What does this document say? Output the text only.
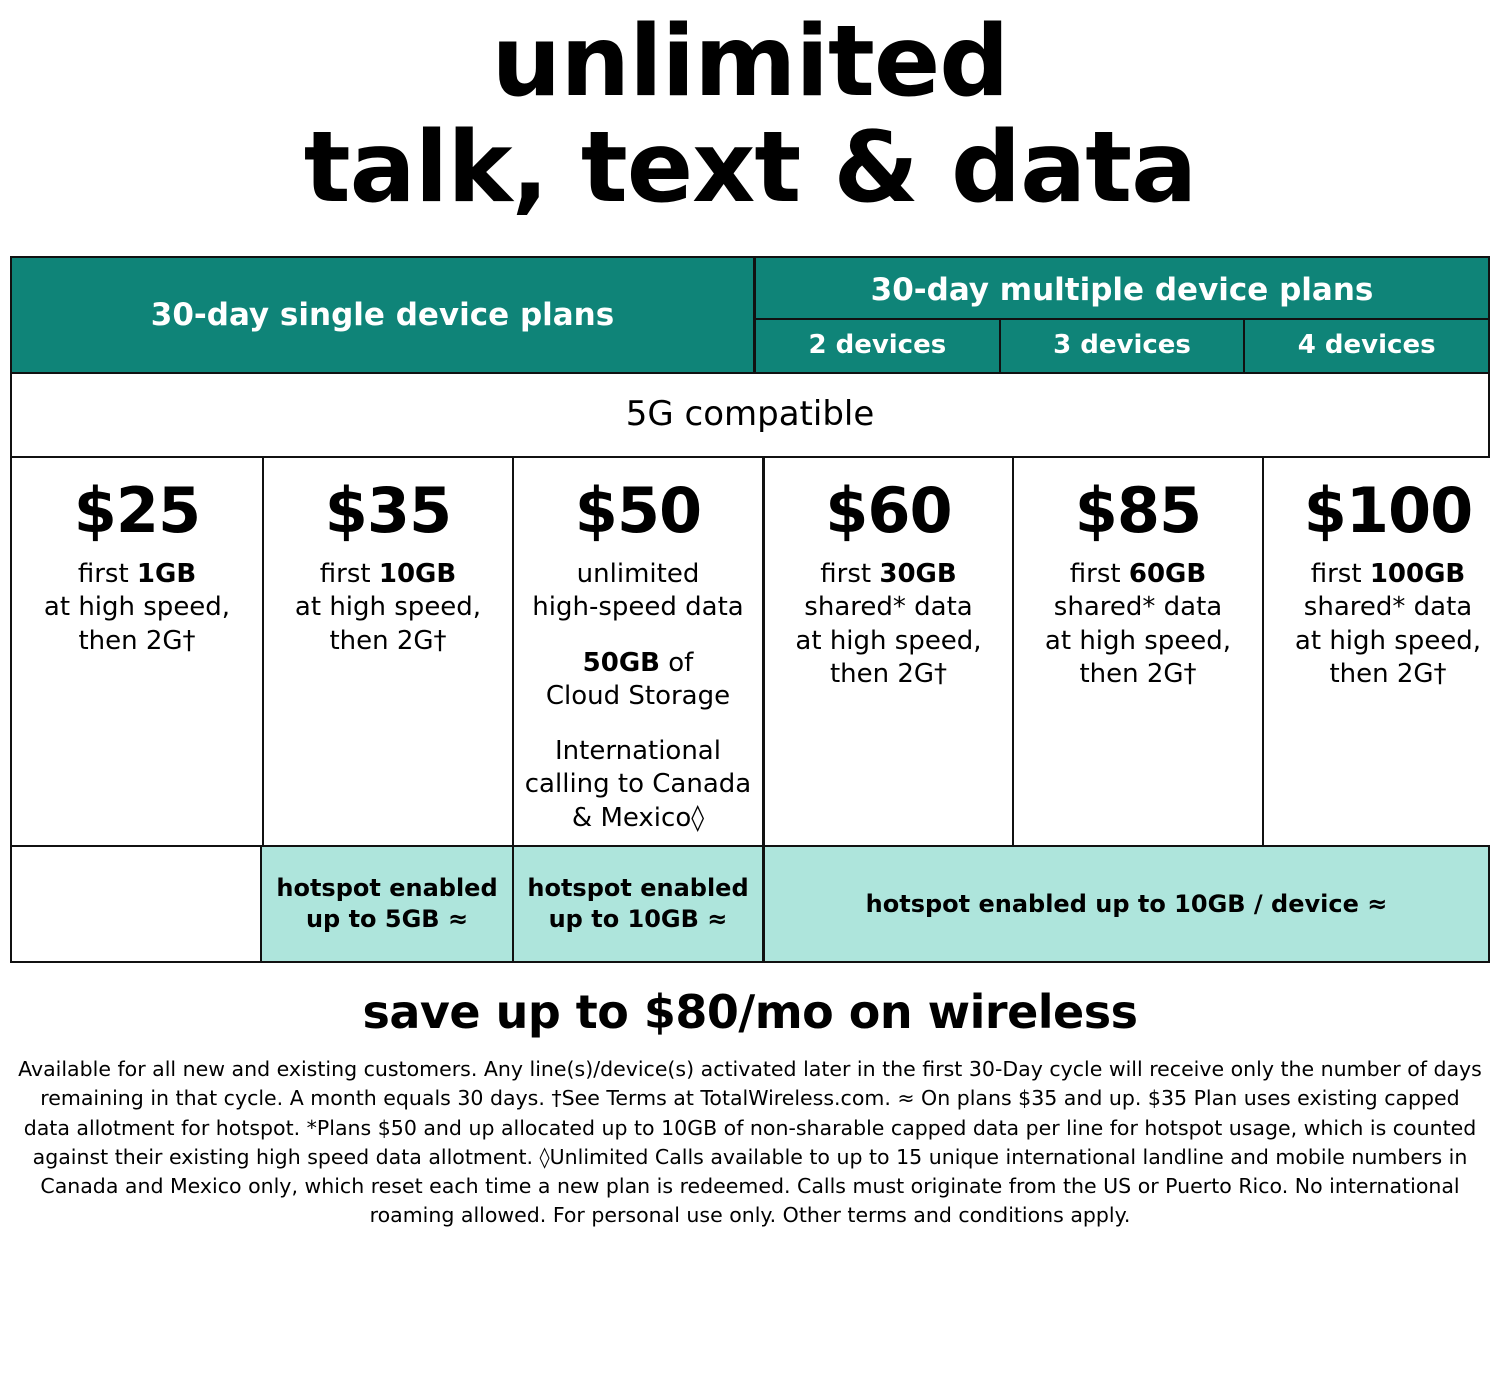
unlimited
talk, text & data
30-day single device plans
30-day multiple device plans
2 devices	3 devices	4 devices
5G compatible
$25
first 1GB
at high speed,
then 2G†
$35
first 10GB
at high speed,
then 2G†
$50
unlimited
high-speed data
50GB of
Cloud Storage
International
calling to Canada & Mexico◊
$60
first 30GB
shared* data
at high speed,
then 2G†
$85
first 60GB
shared* data
at high speed,
then 2G†
$100
first 100GB
shared* data
at high speed,
then 2G†
hotspot enabled up to 5GB ≈
hotspot enabled up to 10GB ≈
hotspot enabled up to 10GB / device ≈
save up to $80/mo on wireless
Available for all new and existing customers. Any line(s)/device(s) activated later in the first 30-Day cycle will receive only the number of days remaining in that cycle. A month equals 30 days. †See Terms at TotalWireless.com. ≈ On plans $35 and up. $35 Plan uses existing capped data allotment for hotspot. *Plans $50 and up allocated up to 10GB of non-sharable capped data per line for hotspot usage, which is counted against their existing high speed data allotment. ◊Unlimited Calls available to up to 15 unique international landline and mobile numbers in Canada and Mexico only, which reset each time a new plan is redeemed. Calls must originate from the US or Puerto Rico. No international roaming allowed. For personal use only. Other terms and conditions apply.
